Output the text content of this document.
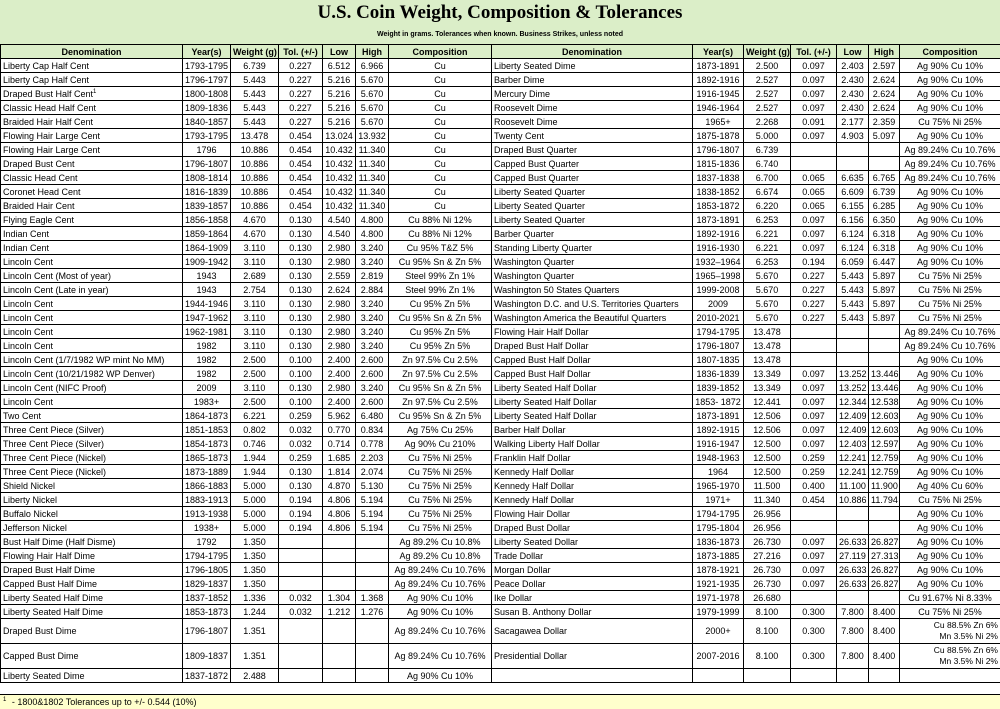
U.S. Coin Weight, Composition & Tolerances
Weight in grams. Tolerances when known. Business Strikes, unless noted
Denomination	Year(s)	Weight (g)	Tol. (+/-)	Low	High	Composition	Denomination	Year(s)	Weight (g)	Tol. (+/-)	Low	High	Composition
Liberty Cap Half Cent	1793-1795	6.739	0.227	6.512	6.966	Cu	Liberty Seated Dime	1873-1891	2.500	0.097	2.403	2.597	Ag 90% Cu 10%
Liberty Cap Half Cent	1796-1797	5.443	0.227	5.216	5.670	Cu	Barber Dime	1892-1916	2.527	0.097	2.430	2.624	Ag 90% Cu 10%
Draped Bust Half Cent$^1$	1800-1808	5.443	0.227	5.216	5.670	Cu	Mercury Dime	1916-1945	2.527	0.097	2.430	2.624	Ag 90% Cu 10%
Classic Head Half Cent	1809-1836	5.443	0.227	5.216	5.670	Cu	Roosevelt Dime	1946-1964	2.527	0.097	2.430	2.624	Ag 90% Cu 10%
Braided Hair Half Cent	1840-1857	5.443	0.227	5.216	5.670	Cu	Roosevelt Dime	1965+	2.268	0.091	2.177	2.359	Cu 75% Ni 25%
Flowing Hair Large Cent	1793-1795	13.478	0.454	13.024	13.932	Cu	Twenty Cent	1875-1878	5.000	0.097	4.903	5.097	Ag 90% Cu 10%
Flowing Hair Large Cent	1796	10.886	0.454	10.432	11.340	Cu	Draped Bust Quarter	1796-1807	6.739				Ag 89.24% Cu 10.76%
Draped Bust Cent	1796-1807	10.886	0.454	10.432	11.340	Cu	Capped Bust Quarter	1815-1836	6.740				Ag 89.24% Cu 10.76%
Classic Head Cent	1808-1814	10.886	0.454	10.432	11.340	Cu	Capped Bust Quarter	1837-1838	6.700	0.065	6.635	6.765	Ag 89.24% Cu 10.76%
Coronet Head Cent	1816-1839	10.886	0.454	10.432	11.340	Cu	Liberty Seated Quarter	1838-1852	6.674	0.065	6.609	6.739	Ag 90% Cu 10%
Braided Hair Cent	1839-1857	10.886	0.454	10.432	11.340	Cu	Liberty Seated Quarter	1853-1872	6.220	0.065	6.155	6.285	Ag 90% Cu 10%
Flying Eagle Cent	1856-1858	4.670	0.130	4.540	4.800	Cu 88% Ni 12%	Liberty Seated Quarter	1873-1891	6.253	0.097	6.156	6.350	Ag 90% Cu 10%
Indian Cent	1859-1864	4.670	0.130	4.540	4.800	Cu 88% Ni 12%	Barber Quarter	1892-1916	6.221	0.097	6.124	6.318	Ag 90% Cu 10%
Indian Cent	1864-1909	3.110	0.130	2.980	3.240	Cu 95% T&Z 5%	Standing Liberty Quarter	1916-1930	6.221	0.097	6.124	6.318	Ag 90% Cu 10%
Lincoln Cent	1909-1942	3.110	0.130	2.980	3.240	Cu 95% Sn & Zn 5%	Washington Quarter	1932–1964	6.253	0.194	6.059	6.447	Ag 90% Cu 10%
Lincoln Cent (Most of year)	1943	2.689	0.130	2.559	2.819	Steel 99% Zn 1%	Washington Quarter	1965–1998	5.670	0.227	5.443	5.897	Cu 75% Ni 25%
Lincoln Cent (Late in year)	1943	2.754	0.130	2.624	2.884	Steel 99% Zn 1%	Washington 50 States Quarters	1999-2008	5.670	0.227	5.443	5.897	Cu 75% Ni 25%
Lincoln Cent	1944-1946	3.110	0.130	2.980	3.240	Cu 95% Zn 5%	Washington D.C. and U.S. Territories Quarters	2009	5.670	0.227	5.443	5.897	Cu 75% Ni 25%
Lincoln Cent	1947-1962	3.110	0.130	2.980	3.240	Cu 95% Sn & Zn 5%	Washington America the Beautiful Quarters	2010-2021	5.670	0.227	5.443	5.897	Cu 75% Ni 25%
Lincoln Cent	1962-1981	3.110	0.130	2.980	3.240	Cu 95% Zn 5%	Flowing Hair Half Dollar	1794-1795	13.478				Ag 89.24% Cu 10.76%
Lincoln Cent	1982	3.110	0.130	2.980	3.240	Cu 95% Zn 5%	Draped Bust Half Dollar	1796-1807	13.478				Ag 89.24% Cu 10.76%
Lincoln Cent (1/7/1982 WP mint No MM)	1982	2.500	0.100	2.400	2.600	Zn 97.5% Cu 2.5%	Capped Bust Half Dollar	1807-1835	13.478				Ag 90% Cu 10%
Lincoln Cent (10/21/1982 WP Denver)	1982	2.500	0.100	2.400	2.600	Zn 97.5% Cu 2.5%	Capped Bust Half Dollar	1836-1839	13.349	0.097	13.252	13.446	Ag 90% Cu 10%
Lincoln Cent (NIFC Proof)	2009	3.110	0.130	2.980	3.240	Cu 95% Sn & Zn 5%	Liberty Seated Half Dollar	1839-1852	13.349	0.097	13.252	13.446	Ag 90% Cu 10%
Lincoln Cent	1983+	2.500	0.100	2.400	2.600	Zn 97.5% Cu 2.5%	Liberty Seated Half Dollar	1853- 1872	12.441	0.097	12.344	12.538	Ag 90% Cu 10%
Two Cent	1864-1873	6.221	0.259	5.962	6.480	Cu 95% Sn & Zn 5%	Liberty Seated Half Dollar	1873-1891	12.506	0.097	12.409	12.603	Ag 90% Cu 10%
Three Cent Piece (Silver)	1851-1853	0.802	0.032	0.770	0.834	Ag 75% Cu 25%	Barber Half Dollar	1892-1915	12.506	0.097	12.409	12.603	Ag 90% Cu 10%
Three Cent Piece (Silver)	1854-1873	0.746	0.032	0.714	0.778	Ag 90% Cu 210%	Walking Liberty Half Dollar	1916-1947	12.500	0.097	12.403	12.597	Ag 90% Cu 10%
Three Cent Piece (Nickel)	1865-1873	1.944	0.259	1.685	2.203	Cu 75% Ni 25%	Franklin Half Dollar	1948-1963	12.500	0.259	12.241	12.759	Ag 90% Cu 10%
Three Cent Piece (Nickel)	1873-1889	1.944	0.130	1.814	2.074	Cu 75% Ni 25%	Kennedy Half Dollar	1964	12.500	0.259	12.241	12.759	Ag 90% Cu 10%
Shield Nickel	1866-1883	5.000	0.130	4.870	5.130	Cu 75% Ni 25%	Kennedy Half Dollar	1965-1970	11.500	0.400	11.100	11.900	Ag 40% Cu 60%
Liberty Nickel	1883-1913	5.000	0.194	4.806	5.194	Cu 75% Ni 25%	Kennedy Half Dollar	1971+	11.340	0.454	10.886	11.794	Cu 75% Ni 25%
Buffalo Nickel	1913-1938	5.000	0.194	4.806	5.194	Cu 75% Ni 25%	Flowing Hair Dollar	1794-1795	26.956				Ag 90% Cu 10%
Jefferson Nickel	1938+	5.000	0.194	4.806	5.194	Cu 75% Ni 25%	Draped Bust Dollar	1795-1804	26.956				Ag 90% Cu 10%
Bust Half Dime (Half Disme)	1792	1.350				Ag 89.2% Cu 10.8%	Liberty Seated Dollar	1836-1873	26.730	0.097	26.633	26.827	Ag 90% Cu 10%
Flowing Hair Half Dime	1794-1795	1.350				Ag 89.2% Cu 10.8%	Trade Dollar	1873-1885	27.216	0.097	27.119	27.313	Ag 90% Cu 10%
Draped Bust Half Dime	1796-1805	1.350				Ag 89.24% Cu 10.76%	Morgan Dollar	1878-1921	26.730	0.097	26.633	26.827	Ag 90% Cu 10%
Capped Bust Half Dime	1829-1837	1.350				Ag 89.24% Cu 10.76%	Peace Dollar	1921-1935	26.730	0.097	26.633	26.827	Ag 90% Cu 10%
Liberty Seated Half Dime	1837-1852	1.336	0.032	1.304	1.368	Ag 90% Cu 10%	Ike Dollar	1971-1978	26.680				Cu 91.67% Ni 8.33%
Liberty Seated Half Dime	1853-1873	1.244	0.032	1.212	1.276	Ag 90% Cu 10%	Susan B. Anthony Dollar	1979-1999	8.100	0.300	7.800	8.400	Cu 75% Ni 25%
Draped Bust Dime	1796-1807	1.351				Ag 89.24% Cu 10.76%	Sacagawea Dollar	2000+	8.100	0.300	7.800	8.400	Cu 88.5% Zn 6%
Mn 3.5% Ni 2%
Capped Bust Dime	1809-1837	1.351				Ag 89.24% Cu 10.76%	Presidential Dollar	2007-2016	8.100	0.300	7.800	8.400	Cu 88.5% Zn 6%
Mn 3.5% Ni 2%
Liberty Seated Dime	1837-1872	2.488				Ag 90% Cu 10%							
$^1$ - 1800&1802 Tolerances up to +/- 0.544 (10%)
